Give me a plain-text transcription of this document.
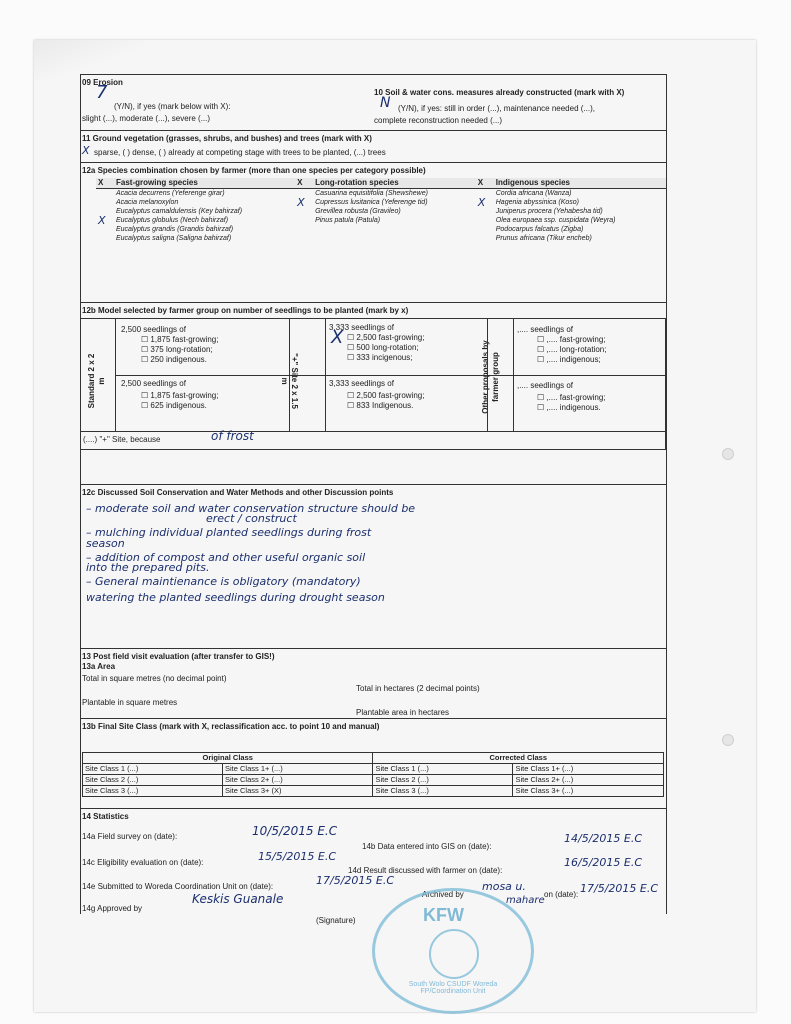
09 Erosion
7
(Y/N), if yes (mark below with X):
slight (...), moderate (...), severe (...)
10 Soil & water cons. measures already constructed (mark with X)
N (Y/N), if yes: still in order (...), maintenance needed (...),
complete reconstruction needed (...)
11 Ground vegetation (grasses, shrubs, and bushes) and trees (mark with X)
X sparse, ( ) dense, ( ) already at competing stage with trees to be planted, (...) trees
12a Species combination chosen by farmer (more than one species per category possible)
X	Fast-growing species	X	Long-rotation species	X	Indigenous species
	Acacia decurrens (Yeferenge girar)		Casuarina equisitifolia (Shewshewe)		Cordia africana (Wanza)
	Acacia melanoxylon	X	Cupressus lusitanica (Yeferenge tid)	X	Hagenia abyssinica (Koso)
	Eucalyptus camaldulensis (Key bahirzaf)		Grevillea robusta (Gravileo)		Juniperus procera (Yehabesha tid)
X	Eucalyptus globulus (Nech bahirzaf)		Pinus patula (Patula)		Olea europaea ssp. cuspidata (Weyra)
	Eucalyptus grandis (Grandis bahirzaf)				Podocarpus falcatus (Zigba)
	Eucalyptus saligna (Saligna bahirzaf)				Prunus africana (Tikur encheb)
12b Model selected by farmer group on number of seedlings to be planted (mark by x)
Standard 2 x 2 m	"+" Site 2 x 1.5 m	Other proposals by farmer group
2,500 seedlings of
☐ 1,875 fast-growing;
☐ 375 long-rotation;
☐ 250 indigenous.
2,500 seedlings of
☐ 1,875 fast-growing;
☐ 625 indigenous.
3,333 seedlings of
X ☐ 2,500 fast-growing;
☐ 500 long-rotation;
☐ 333 incigenous;
3,333 seedlings of
☐ 2,500 fast-growing;
☐ 833 Indigenous.
,.... seedlings of
☐ ,.... fast-growing;
☐ ,.... long-rotation;
☐ ,.... indigenous;
,.... seedlings of
☐ ,.... fast-growing;
☐ ,.... indigenous.
(....) "+" Site, because	of frost
12c Discussed Soil Conservation and Water Methods and other Discussion points
– moderate soil and water conservation structure should be
erect / construct
– mulching individual planted seedlings during frost
season
– addition of compost and other useful organic soil
into the prepared pits.
– General maintienance is obligatory (mandatory)
watering the planted seedlings during drought season
13 Post field visit evaluation (after transfer to GIS!)
13a Area
Total in square metres (no decimal point)
Total in hectares (2 decimal points)
Plantable in square metres
Plantable area in hectares
13b Final Site Class (mark with X, reclassification acc. to point 10 and manual)
Original Class		Corrected Class	
Site Class 1 (...)	Site Class 1+ (...)	Site Class 1 (...)	Site Class 1+ (...)
Site Class 2 (...)	Site Class 2+ (...)	Site Class 2 (...)	Site Class 2+ (...)
Site Class 3 (...)	Site Class 3+ (X)	Site Class 3 (...)	Site Class 3+ (...)
14 Statistics
14a Field survey on (date):	10/5/2015 E.C
14b Data entered into GIS on (date):
14/5/2015 E.C
14c Eligibility evaluation on (date):	15/5/2015 E.C
14d Result discussed with farmer on (date):
16/5/2015 E.C
14e Submitted to Woreda Coordination Unit on (date):	17/5/2015 E.C
Archived by
mosa u.
on (date): 17/5/2015 E.C
mahare
14g Approved by
Keskis Guanale
(Signature)	KFW
South Wolo CSUDF Woreda FP/Coordination Unit
